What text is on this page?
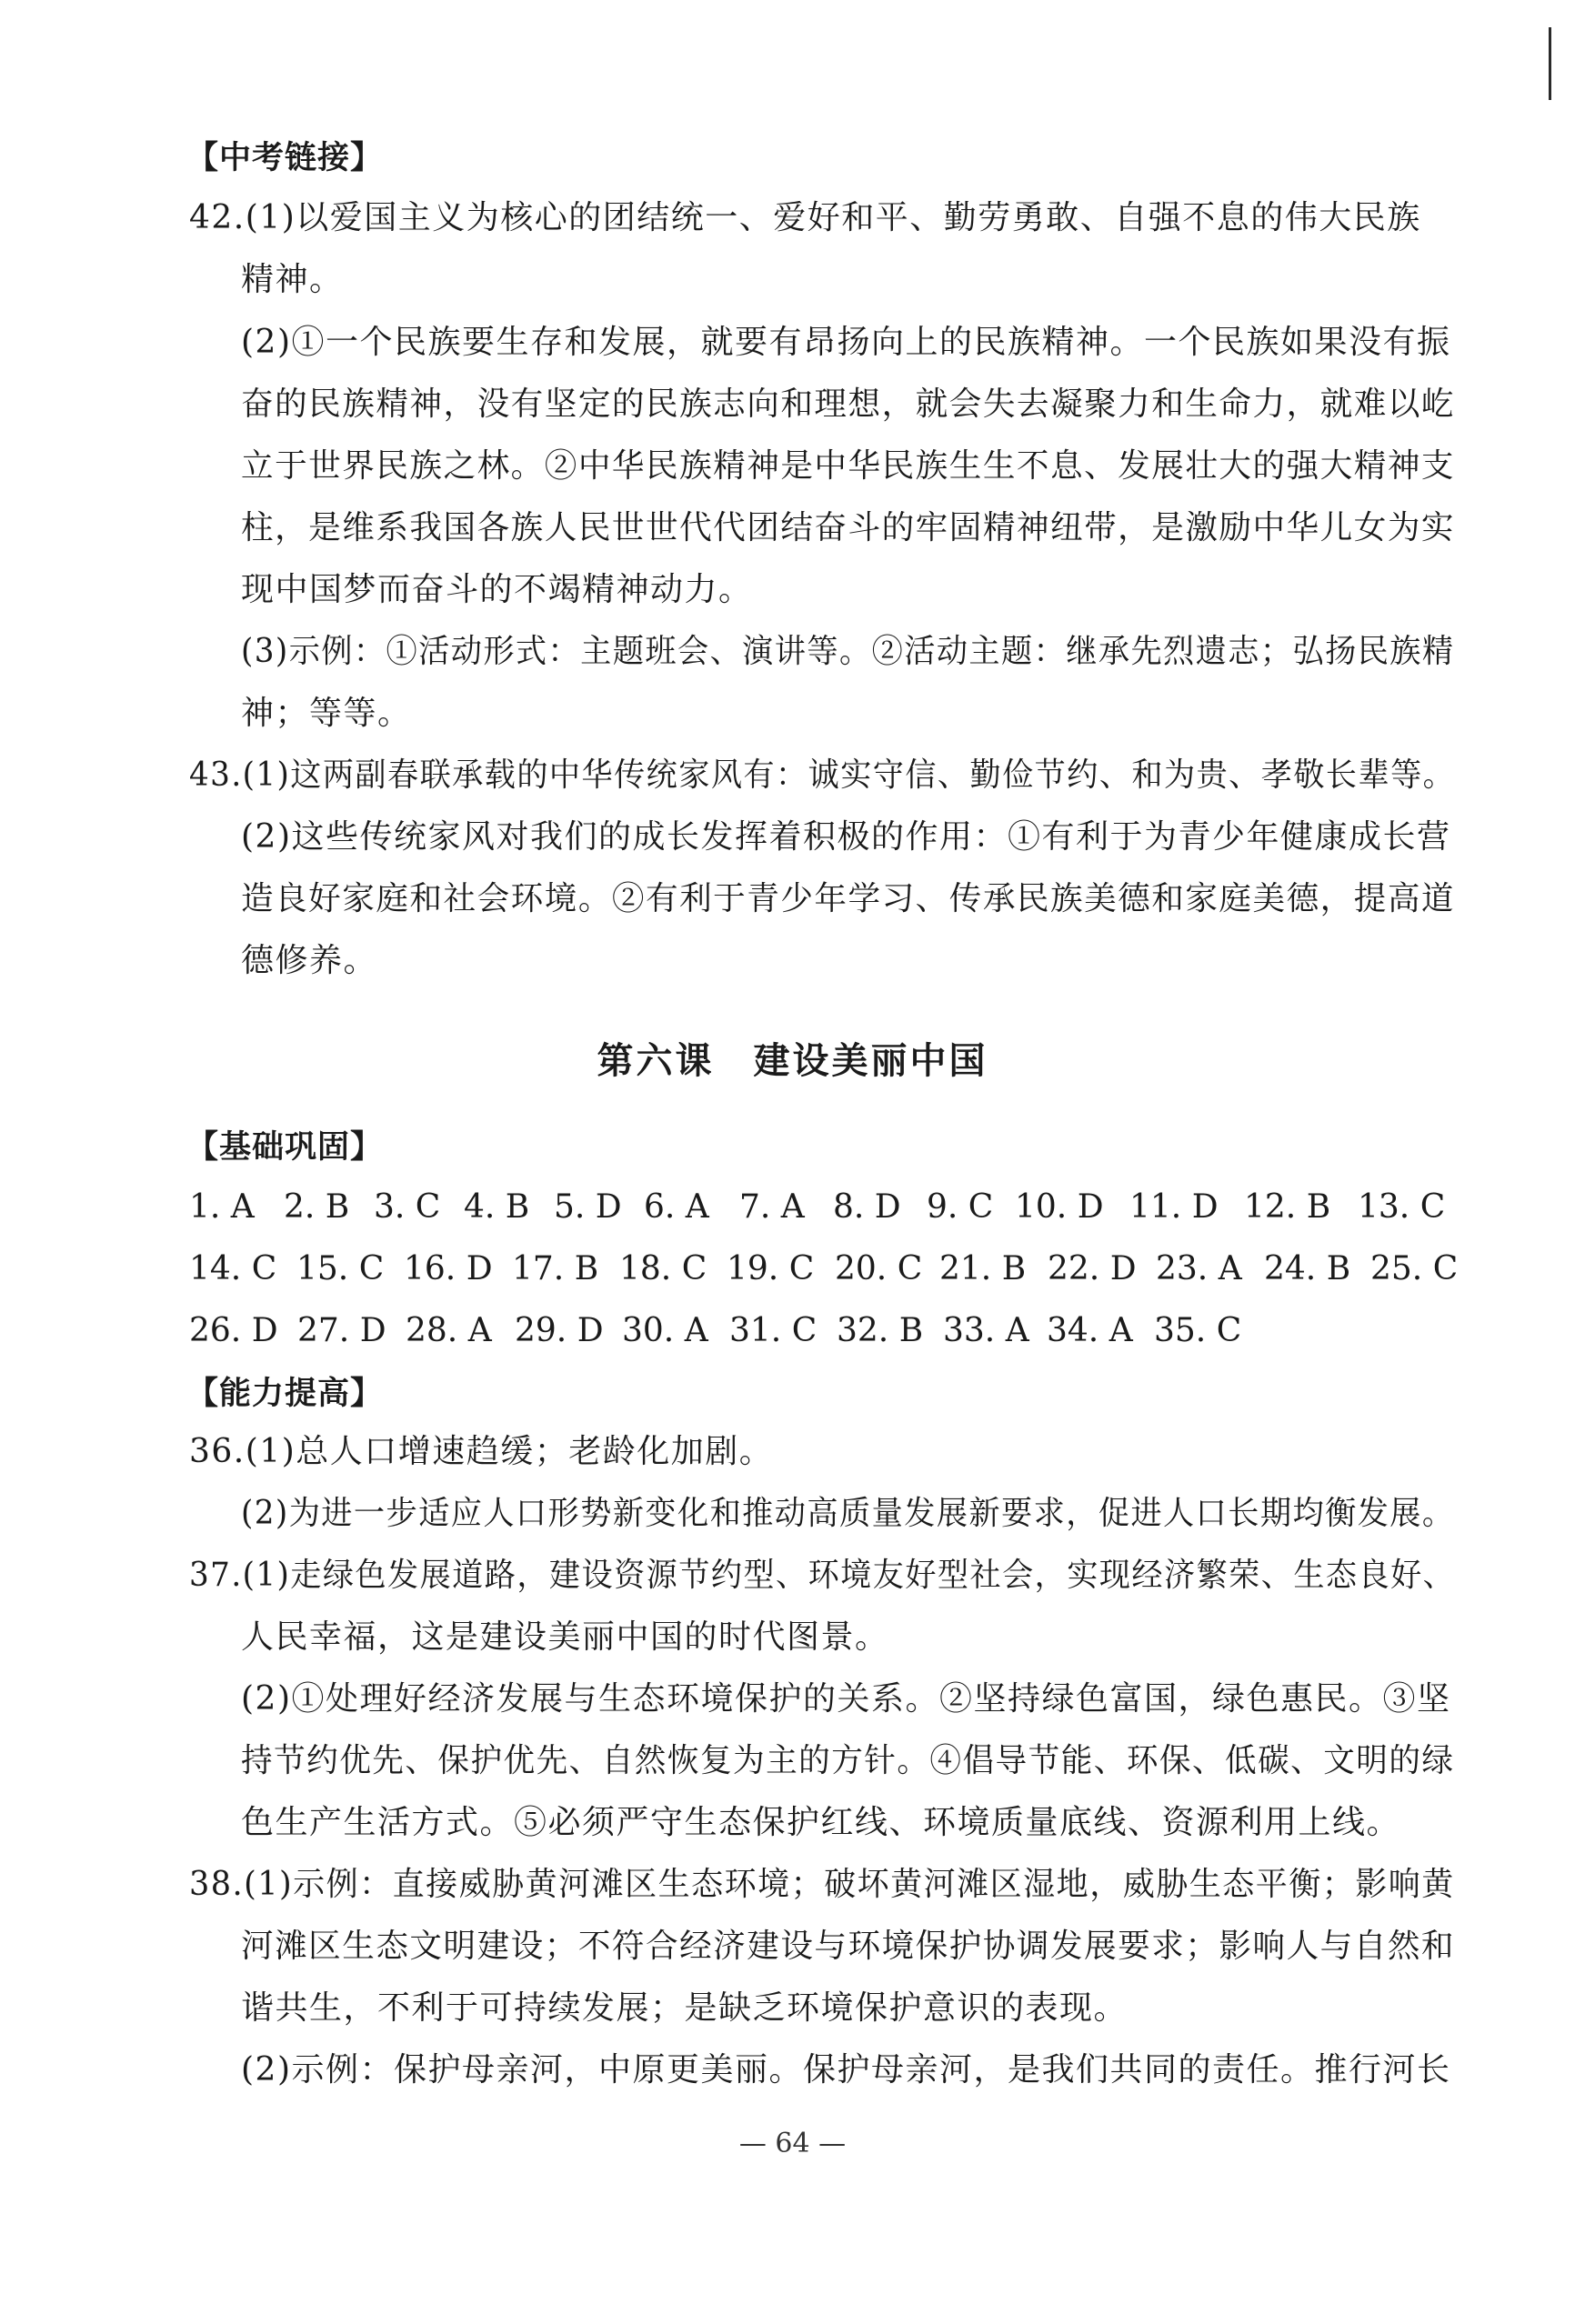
【中考链接】
42.(1)以爱国主义为核心的团结统一、爱好和平、勤劳勇敢、自强不息的伟大民族
精神。
(2)①一个民族要生存和发展，就要有昂扬向上的民族精神。一个民族如果没有振
奋的民族精神，没有坚定的民族志向和理想，就会失去凝聚力和生命力，就难以屹
立于世界民族之林。②中华民族精神是中华民族生生不息、发展壮大的强大精神支
柱，是维系我国各族人民世世代代团结奋斗的牢固精神纽带，是激励中华儿女为实
现中国梦而奋斗的不竭精神动力。
(3)示例：①活动形式：主题班会、演讲等。②活动主题：继承先烈遗志；弘扬民族精
神；等等。
43.(1)这两副春联承载的中华传统家风有：诚实守信、勤俭节约、和为贵、孝敬长辈等。
(2)这些传统家风对我们的成长发挥着积极的作用：①有利于为青少年健康成长营
造良好家庭和社会环境。②有利于青少年学习、传承民族美德和家庭美德，提高道
德修养。
第六课　建设美丽中国
【基础巩固】
1. A 2. B 3. C 4. B 5. D 6. A 7. A 8. D 9. C 10. D 11. D 12. B 13. C
14. C 15. C 16. D 17. B 18. C 19. C 20. C 21. B 22. D 23. A 24. B 25. C
26. D 27. D 28. A 29. D 30. A 31. C 32. B 33. A 34. A 35. C
【能力提高】
36.(1)总人口增速趋缓；老龄化加剧。
(2)为进一步适应人口形势新变化和推动高质量发展新要求，促进人口长期均衡发展。
37.(1)走绿色发展道路，建设资源节约型、环境友好型社会，实现经济繁荣、生态良好、
人民幸福，这是建设美丽中国的时代图景。
(2)①处理好经济发展与生态环境保护的关系。②坚持绿色富国，绿色惠民。③坚
持节约优先、保护优先、自然恢复为主的方针。④倡导节能、环保、低碳、文明的绿
色生产生活方式。⑤必须严守生态保护红线、环境质量底线、资源利用上线。
38.(1)示例：直接威胁黄河滩区生态环境；破坏黄河滩区湿地，威胁生态平衡；影响黄
河滩区生态文明建设；不符合经济建设与环境保护协调发展要求；影响人与自然和
谐共生，不利于可持续发展；是缺乏环境保护意识的表现。
(2)示例：保护母亲河，中原更美丽。保护母亲河，是我们共同的责任。推行河长
— 64 —
